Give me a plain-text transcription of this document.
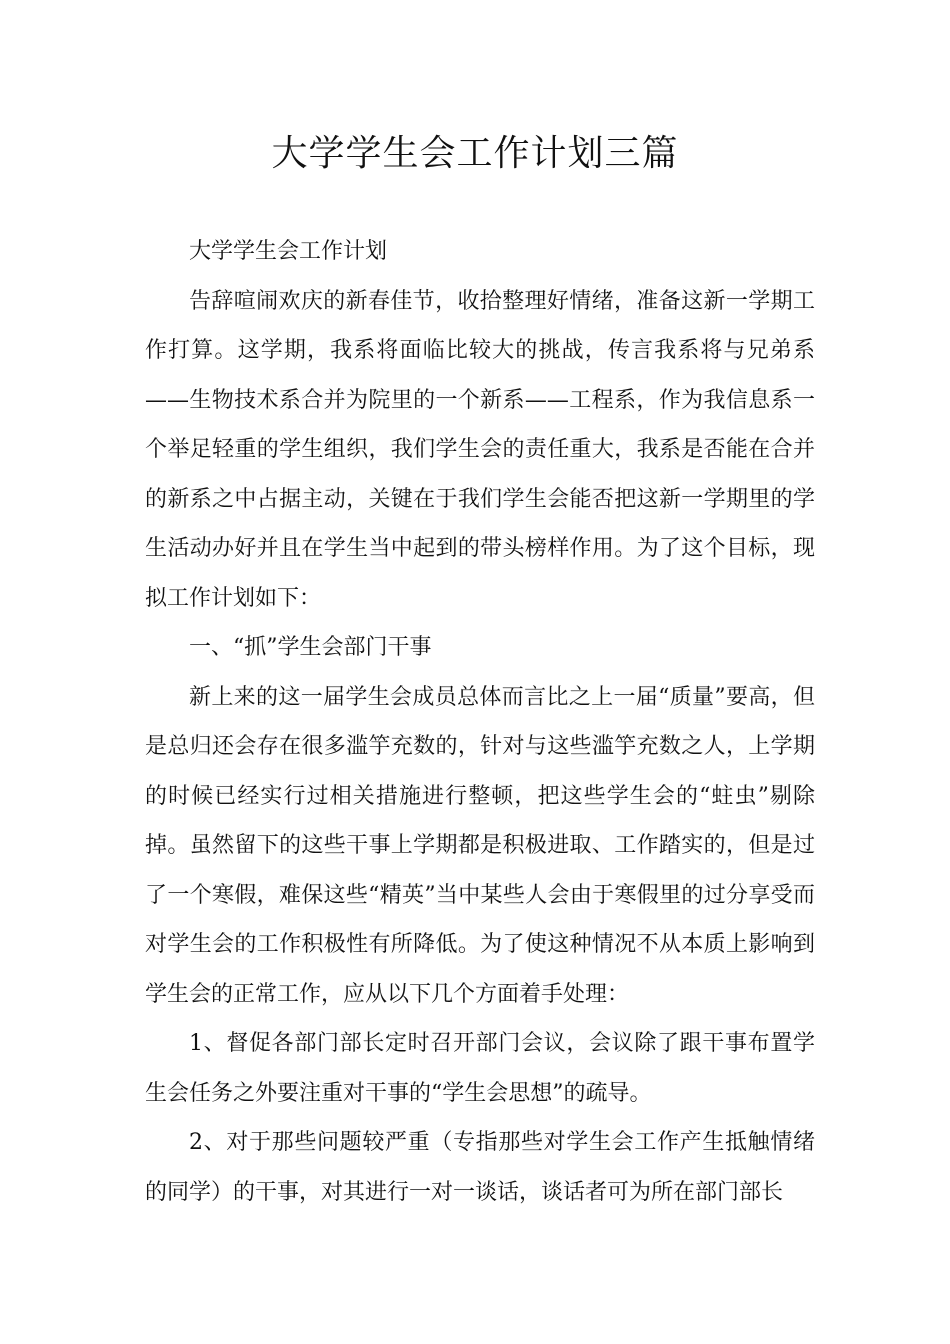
大学学生会工作计划三篇

大学学生会工作计划

告辞喧闹欢庆的新春佳节，收拾整理好情绪，准备这新一学期工作打算。这学期，我系将面临比较大的挑战，传言我系将与兄弟系——生物技术系合并为院里的一个新系——工程系，作为我信息系一个举足轻重的学生组织，我们学生会的责任重大，我系是否能在合并的新系之中占据主动，关键在于我们学生会能否把这新一学期里的学生活动办好并且在学生当中起到的带头榜样作用。为了这个目标，现拟工作计划如下：

一、“抓”学生会部门干事

新上来的这一届学生会成员总体而言比之上一届“质量”要高，但是总归还会存在很多滥竽充数的，针对与这些滥竽充数之人，上学期的时候已经实行过相关措施进行整顿，把这些学生会的“蛀虫”剔除掉。虽然留下的这些干事上学期都是积极进取、工作踏实的，但是过了一个寒假，难保这些“精英”当中某些人会由于寒假里的过分享受而对学生会的工作积极性有所降低。为了使这种情况不从本质上影响到学生会的正常工作，应从以下几个方面着手处理：

1、督促各部门部长定时召开部门会议，会议除了跟干事布置学生会任务之外要注重对干事的“学生会思想”的疏导。

2、对于那些问题较严重（专指那些对学生会工作产生抵触情绪的同学）的干事，对其进行一对一谈话，谈话者可为所在部门部长
